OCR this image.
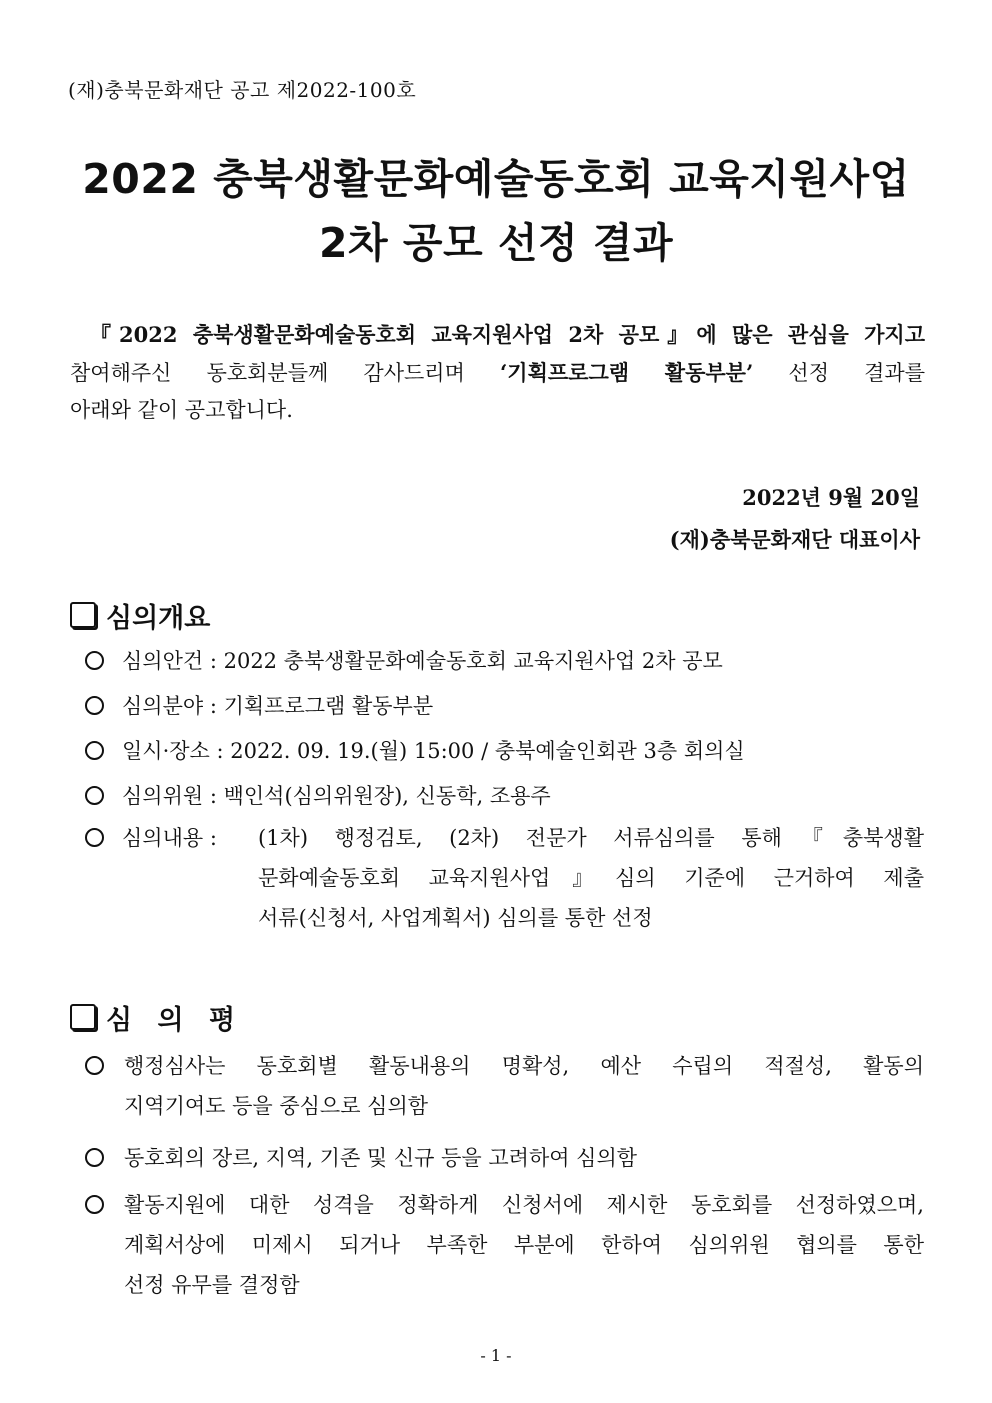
(재)충북문화재단 공고 제2022-100호
2022 충북생활문화예술동호회 교육지원사업
2차 공모 선정 결과

『2022 충북생활문화예술동호회 교육지원사업 2차 공모』에 많은 관심을 가지고

참여해주신 동호회분들께 감사드리며 ‘기획프로그램 활동부분’ 선정 결과를

아래와 같이 공고합니다.

2022년 9월 20일
(재)충북문화재단 대표이사
심의개요
심의안건 : 2022 충북생활문화예술동호회 교육지원사업 2차 공모
심의분야 : 기획프로그램 활동부분
일시·장소 : 2022. 09. 19.(월) 15:00 / 충북예술인회관 3층 회의실
심의위원 : 백인석(심의위원장), 신동학, 조용주
심의내용 :	(1차) 행정검토, (2차) 전문가 서류심의를 통해『충북생활

문화예술동호회 교육지원사업』심의 기준에 근거하여 제출

서류(신청서, 사업계획서) 심의를 통한 선정

심 의 평

행정심사는 동호회별 활동내용의 명확성, 예산 수립의 적절성, 활동의

지역기여도 등을 중심으로 심의함

동호회의 장르, 지역, 기존 및 신규 등을 고려하여 심의함

활동지원에 대한 성격을 정확하게 신청서에 제시한 동호회를 선정하였으며,

계획서상에 미제시 되거나 부족한 부분에 한하여 심의위원 협의를 통한

선정 유무를 결정함

- 1 -
